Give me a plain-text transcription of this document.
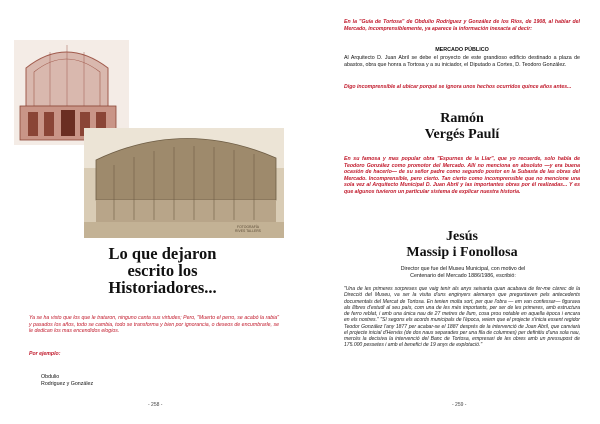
FOTOGRAFÍA
RIVES TALLERS
Lo que dejaron
escrito los
Historiadores...
Ya se ha visto que los que le trataron, ninguno canta sus virtudes; Pero, "Muerto el perro, se acabó la rabia" y pasados los años, todo se cambia, todo se transforma y bien por ignorancia, o deseos de encumbrarle, se le dedican los mas encendidos elogios.
Por ejemplo:
Obdulio
Rodriguez y González
- 258 -
En la "Guía de Tortosa" de Obdulio Rodríguez y González de los Ríos, de 1908, al hablar del Mercado, incomprensiblemente, ya aparece la información inexacta al decir:
MERCADO PÚBLICO
Al Arquitecto D. Juan Abril se debe el proyecto de este grandioso edificio destinado a plaza de abastos, obra que honra a Tortosa y a su iniciador, el Diputado a Cortes, D. Teodoro González.
Digo incomprensible al ubicar porqué se ignora unos hechos ocurridos quince años antes...
Ramón
Vergés Paulí
En su famosa y mas popular obra "Espurnes de la Llar", que yo recuerde, solo habla de Teodoro González como promotor del Mercado. Allí no menciona en absoluto —y era buena ocasión de hacerlo— de su señor padre como segundo postor en la Subasta de las obras del Mercado. Incomprensible, pero cierto. Tan cierto como incomprensible que no mencione una sola vez al Arquitecto Municipal D. Juan Abril y las importantes obras por él realizadas... Y es que algunos tuvieron un particular sistema de explicar nuestra historia.
Jesús
Massip i Fonollosa
Director que fue del Museu Municipal, con motivo del Centenario del Mercado 1886/1986, escribió:
"Una de les primeres sorpreses que vaig tenir als anys seixanta quan acabava de fer-me càrrec de la Direcció del Museu, va ser la visita d'uns enginyers alemanys que preguntaven pels antecedents documentals del Mercat de Tortosa. En tenien molta sort, per que l'obra — em van confessar— figurava als llibres d'estudi al seu país, com una de les més importants, per ser de les primeres, amb estructura de ferro reblat, i amb una única nau de 27 metres de llum, cosa prou notable en aquella època i encara en els nostres." "Sí segons els acords municipals de l'època, veiem que el projecte s'inicia essent regidor Teodor González l'any 1877 per acabar-se el 1887 després de la intervenció de Joan Abril, que canviarà el projecte inicial d'Hervàs (de dos naus separades per una fila de columnes) per definitiu d'una sola nau, mercès la decisiva la intervenció del Banc de Tortosa, empresari de les obres amb un pressupost de 175.000 pessetes i amb el benefici de 19 anys de explotació."
- 259 -
